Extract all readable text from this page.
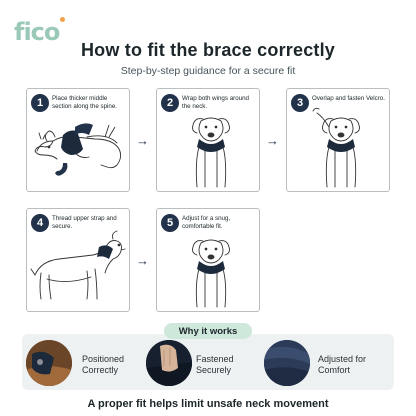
fico
How to fit the brace correctly
Step-by-step guidance for a secure fit
1	Place thicker middle section along the spine.
→
2	Wrap both wings around the neck.
→
3	Overlap and fasten Velcro.
4	Thread upper strap and secure.
→
5	Adjust for a snug, comfortable fit.
Positioned Correctly
Fastened Securely
Adjusted for Comfort
Why it works
A proper fit helps limit unsafe neck movement
